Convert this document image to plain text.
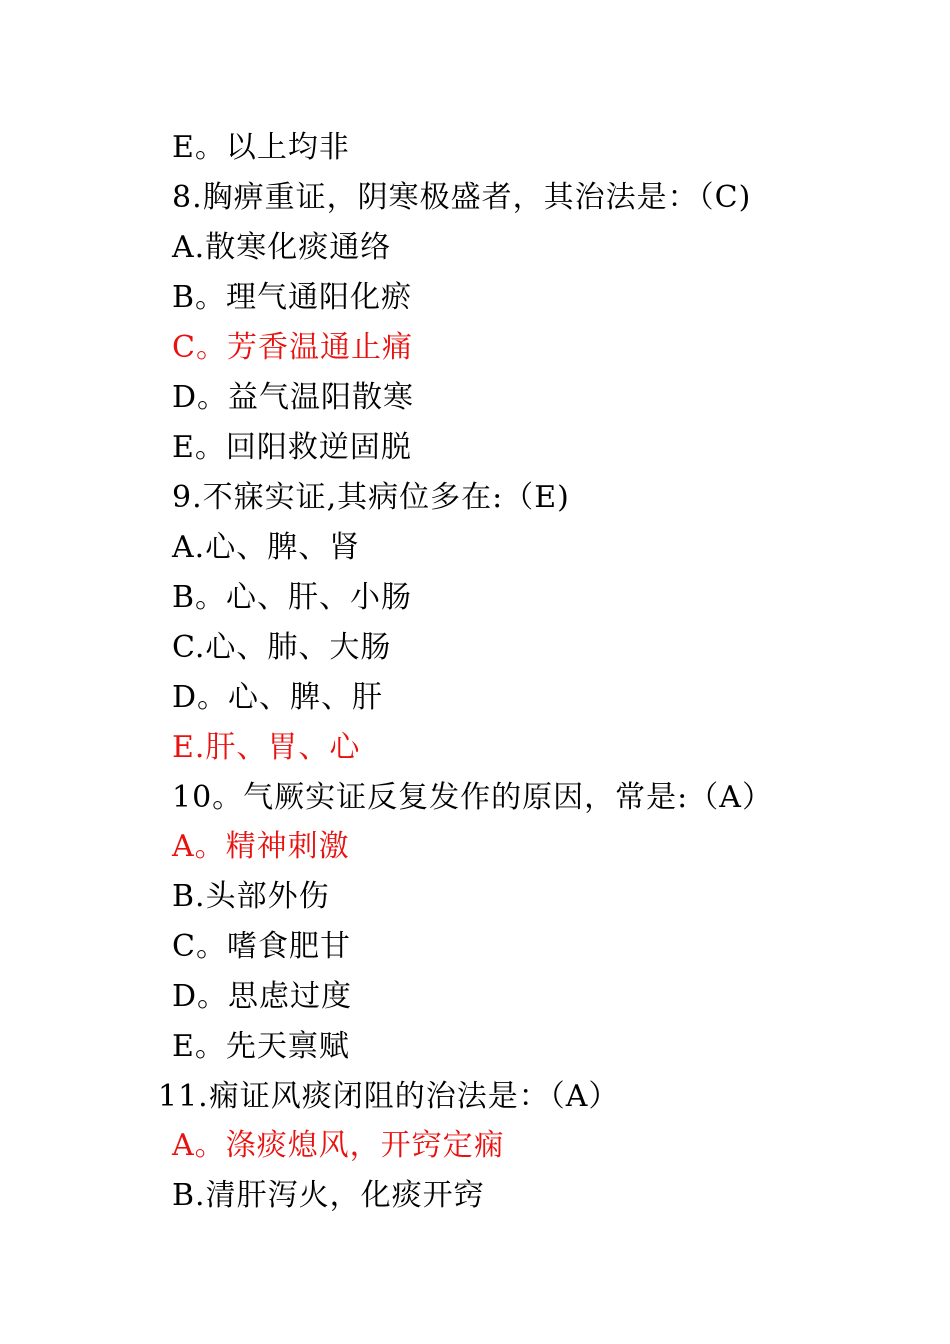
E。以上均非
8.胸痹重证，阴寒极盛者，其治法是：（C)
A.散寒化痰通络
B。理气通阳化瘀
C。芳香温通止痛
D。益气温阳散寒
E。回阳救逆固脱
9.不寐实证,其病位多在:（E)
A.心、脾、肾
B。心、肝、小肠
C.心、肺、大肠
D。心、脾、肝
E.肝、胃、心
10。气厥实证反复发作的原因，常是:（A）
A。精神刺激
B.头部外伤
C。嗜食肥甘
D。思虑过度
E。先天禀赋
11.痫证风痰闭阻的治法是：（A）
A。涤痰熄风，开窍定痫
B.清肝泻火，化痰开窍
